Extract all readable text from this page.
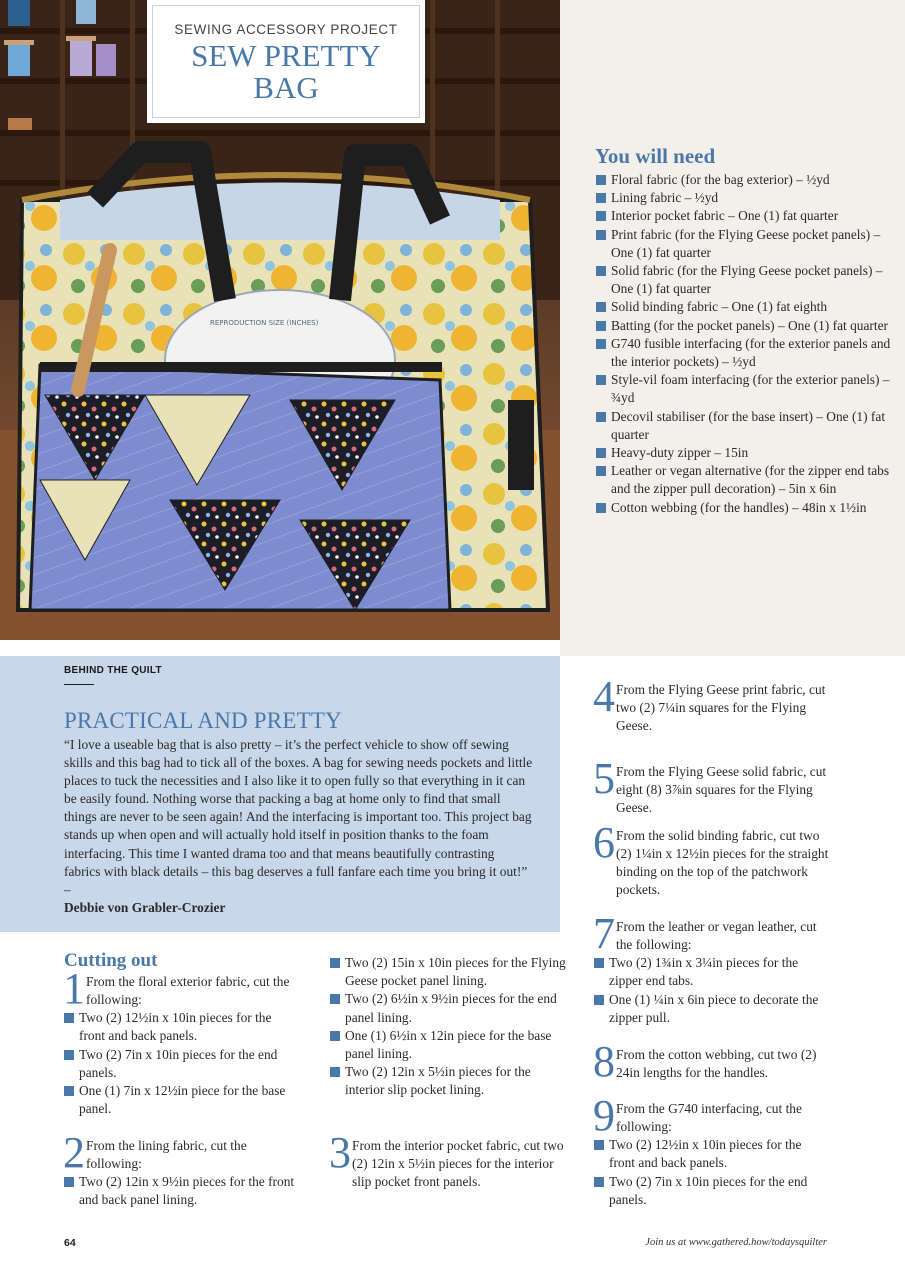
REPRODUCTION SIZE (INCHES)
SEWING ACCESSORY PROJECT
SEW PRETTY
BAG
You will need
Floral fabric (for the bag exterior) – ½yd
Lining fabric – ½yd
Interior pocket fabric – One (1) fat quarter
Print fabric (for the Flying Geese pocket panels) – One (1) fat quarter
Solid fabric (for the Flying Geese pocket panels) – One (1) fat quarter
Solid binding fabric – One (1) fat eighth
Batting (for the pocket panels) – One (1) fat quarter
G740 fusible interfacing (for the exterior panels and the interior pockets) – ½yd
Style-vil foam interfacing (for the exterior panels) – ¾yd
Decovil stabiliser (for the base insert) – One (1) fat quarter
Heavy-duty zipper – 15in
Leather or vegan alternative (for the zipper end tabs and the zipper pull decoration) – 5in x 6in
Cotton webbing (for the handles) – 48in x 1½in
BEHIND THE QUILT
PRACTICAL AND PRETTY

“I love a useable bag that is also pretty – it’s the perfect vehicle to show off sewing skills and this bag had to tick all of the boxes. A bag for sewing needs pockets and little places to tuck the necessities and I also like it to open fully so that everything in it can be easily found. Nothing worse that packing a bag at home only to find that small things are never to be seen again! And the interfacing is important too. This project bag stands up when open and will actually hold itself in position thanks to the foam interfacing. This time I wanted drama too and that means beautifully contrasting fabrics with black details – this bag deserves a full fanfare each time you bring it out!” –
Debbie von Grabler-Crozier

Cutting out
1 From the floral exterior fabric, cut the following:
Two (2) 12½in x 10in pieces for the front and back panels.
Two (2) 7in x 10in pieces for the end panels.
One (1) 7in x 12½in piece for the base panel.
2 From the lining fabric, cut the following:
Two (2) 12in x 9½in pieces for the front and back panel lining.
Two (2) 15in x 10in pieces for the Flying Geese pocket panel lining.
Two (2) 6½in x 9½in pieces for the end panel lining.
One (1) 6½in x 12in piece for the base panel lining.
Two (2) 12in x 5½in pieces for the interior slip pocket lining.
3 From the interior pocket fabric, cut two (2) 12in x 5½in pieces for the interior slip pocket front panels.
4 From the Flying Geese print fabric, cut two (2) 7¼in squares for the Flying Geese.
5 From the Flying Geese solid fabric, cut eight (8) 3⅞in squares for the Flying Geese.
6 From the solid binding fabric, cut two (2) 1¼in x 12½in pieces for the straight binding on the top of the patchwork pockets.
7 From the leather or vegan leather, cut the following:
Two (2) 1¾in x 3¼in pieces for the zipper end tabs.
One (1) ¼in x 6in piece to decorate the zipper pull.
8 From the cotton webbing, cut two (2) 24in lengths for the handles.
9 From the G740 interfacing, cut the following:
Two (2) 12½in x 10in pieces for the front and back panels.
Two (2) 7in x 10in pieces for the end panels.
64	Join us at www.gathered.how/todaysquilter
